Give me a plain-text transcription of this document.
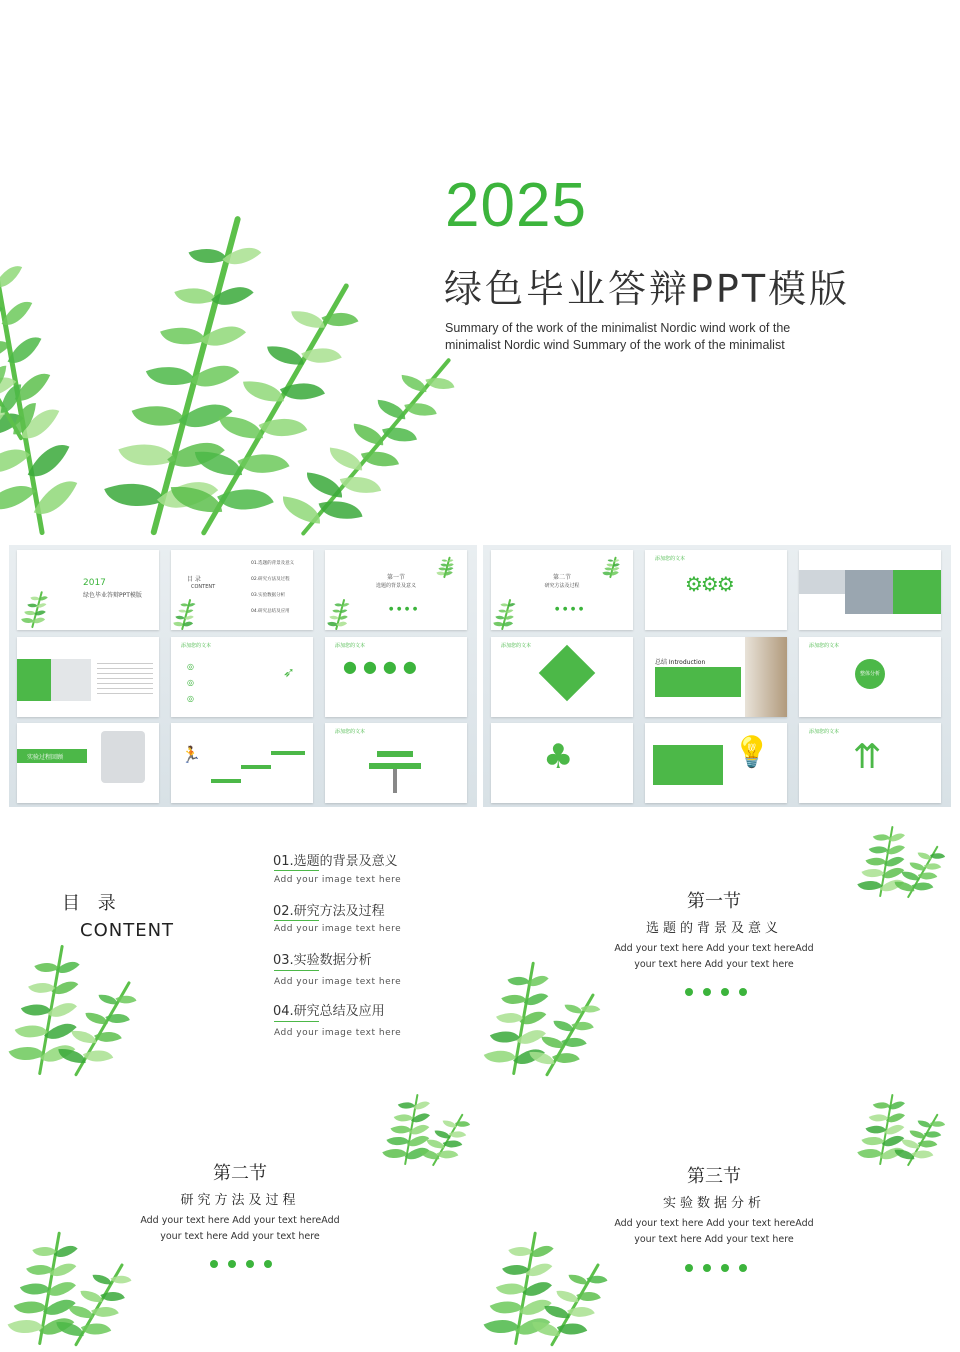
2025
绿色毕业答辩PPT模版
Summary of the work of the minimalist Nordic wind work of the minimalist Nordic wind Summary of the work of the minimalist
2017
绿色毕业答辩PPT模版
目 录
CONTENT
01.选题的背景及意义
02.研究方法及过程
03.实验数据分析
04.研究总结及应用
第一节
选题的背景及意义
● ● ● ●
添加您的文本
◎
◎
◎
➶
添加您的文本
●●●●
实验过程回顾	🏃
添加您的文本
第二节
研究方法及过程
● ● ● ●
添加您的文本
⚙⚙⚙
添加您的文本
总结 Introduction
添加您的文本
整体分析
♣	💡
添加您的文本
⇈
目 录
CONTENT
01.选题的背景及意义
Add your image text here
02.研究方法及过程
Add your image text here
03.实验数据分析
Add your image text here
04.研究总结及应用
Add your image text here
第一节
选题的背景及意义
Add your text here Add your text hereAdd
your text here Add your text here
第二节
研究方法及过程
Add your text here Add your text hereAdd
your text here Add your text here
第三节
实验数据分析
Add your text here Add your text hereAdd
your text here Add your text here
